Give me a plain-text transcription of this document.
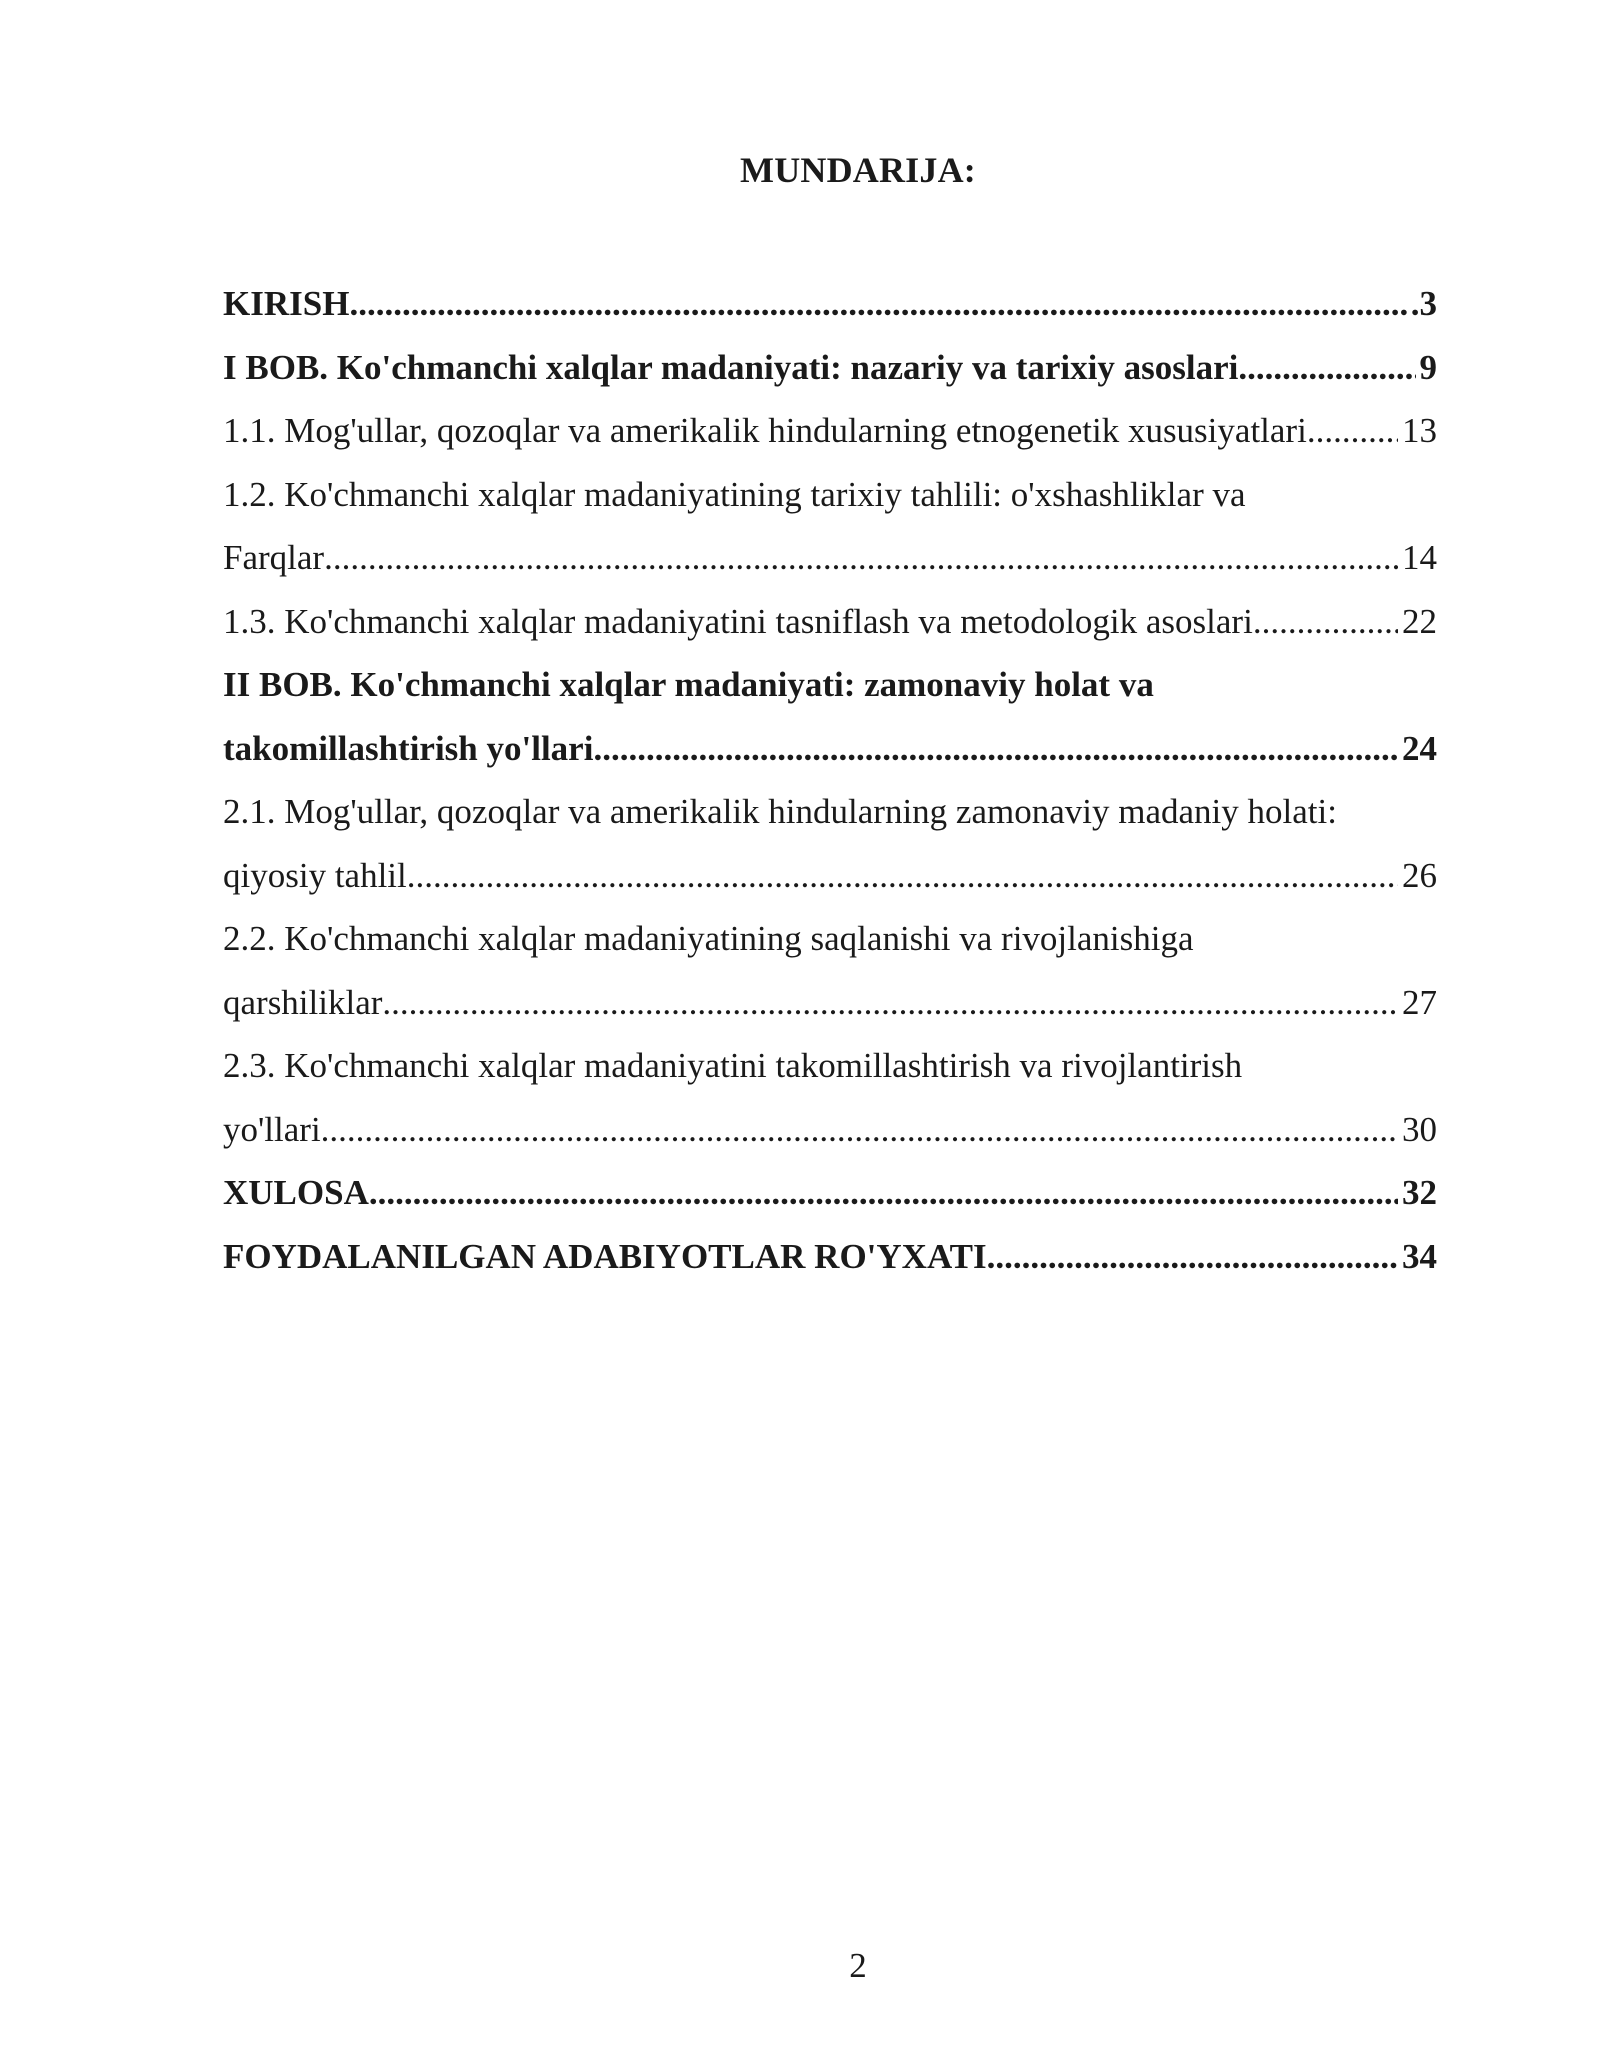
MUNDARIJA:
KIRISH .....	.3
I BOB. Ko'chmanchi xalqlar madaniyati: nazariy va tarixiy asoslari .....	9
1.1. Mog'ullar, qozoqlar va amerikalik hindularning etnogenetik xususiyatlari .....	13
1.2. Ko'chmanchi xalqlar madaniyatining tarixiy tahlili: o'xshashliklar va
Farqlar .....	14
1.3. Ko'chmanchi xalqlar madaniyatini tasniflash va metodologik asoslari .....	22
II BOB. Ko'chmanchi xalqlar madaniyati: zamonaviy holat va
takomillashtirish yo'llari .....	24
2.1. Mog'ullar, qozoqlar va amerikalik hindularning zamonaviy madaniy holati:
qiyosiy tahlil .....	26
2.2. Ko'chmanchi xalqlar madaniyatining saqlanishi va rivojlanishiga
qarshiliklar .....	27
2.3. Ko'chmanchi xalqlar madaniyatini takomillashtirish va rivojlantirish
yo'llari .....	30
XULOSA .....	32
FOYDALANILGAN ADABIYOTLAR RO'YXATI .....	34
2
